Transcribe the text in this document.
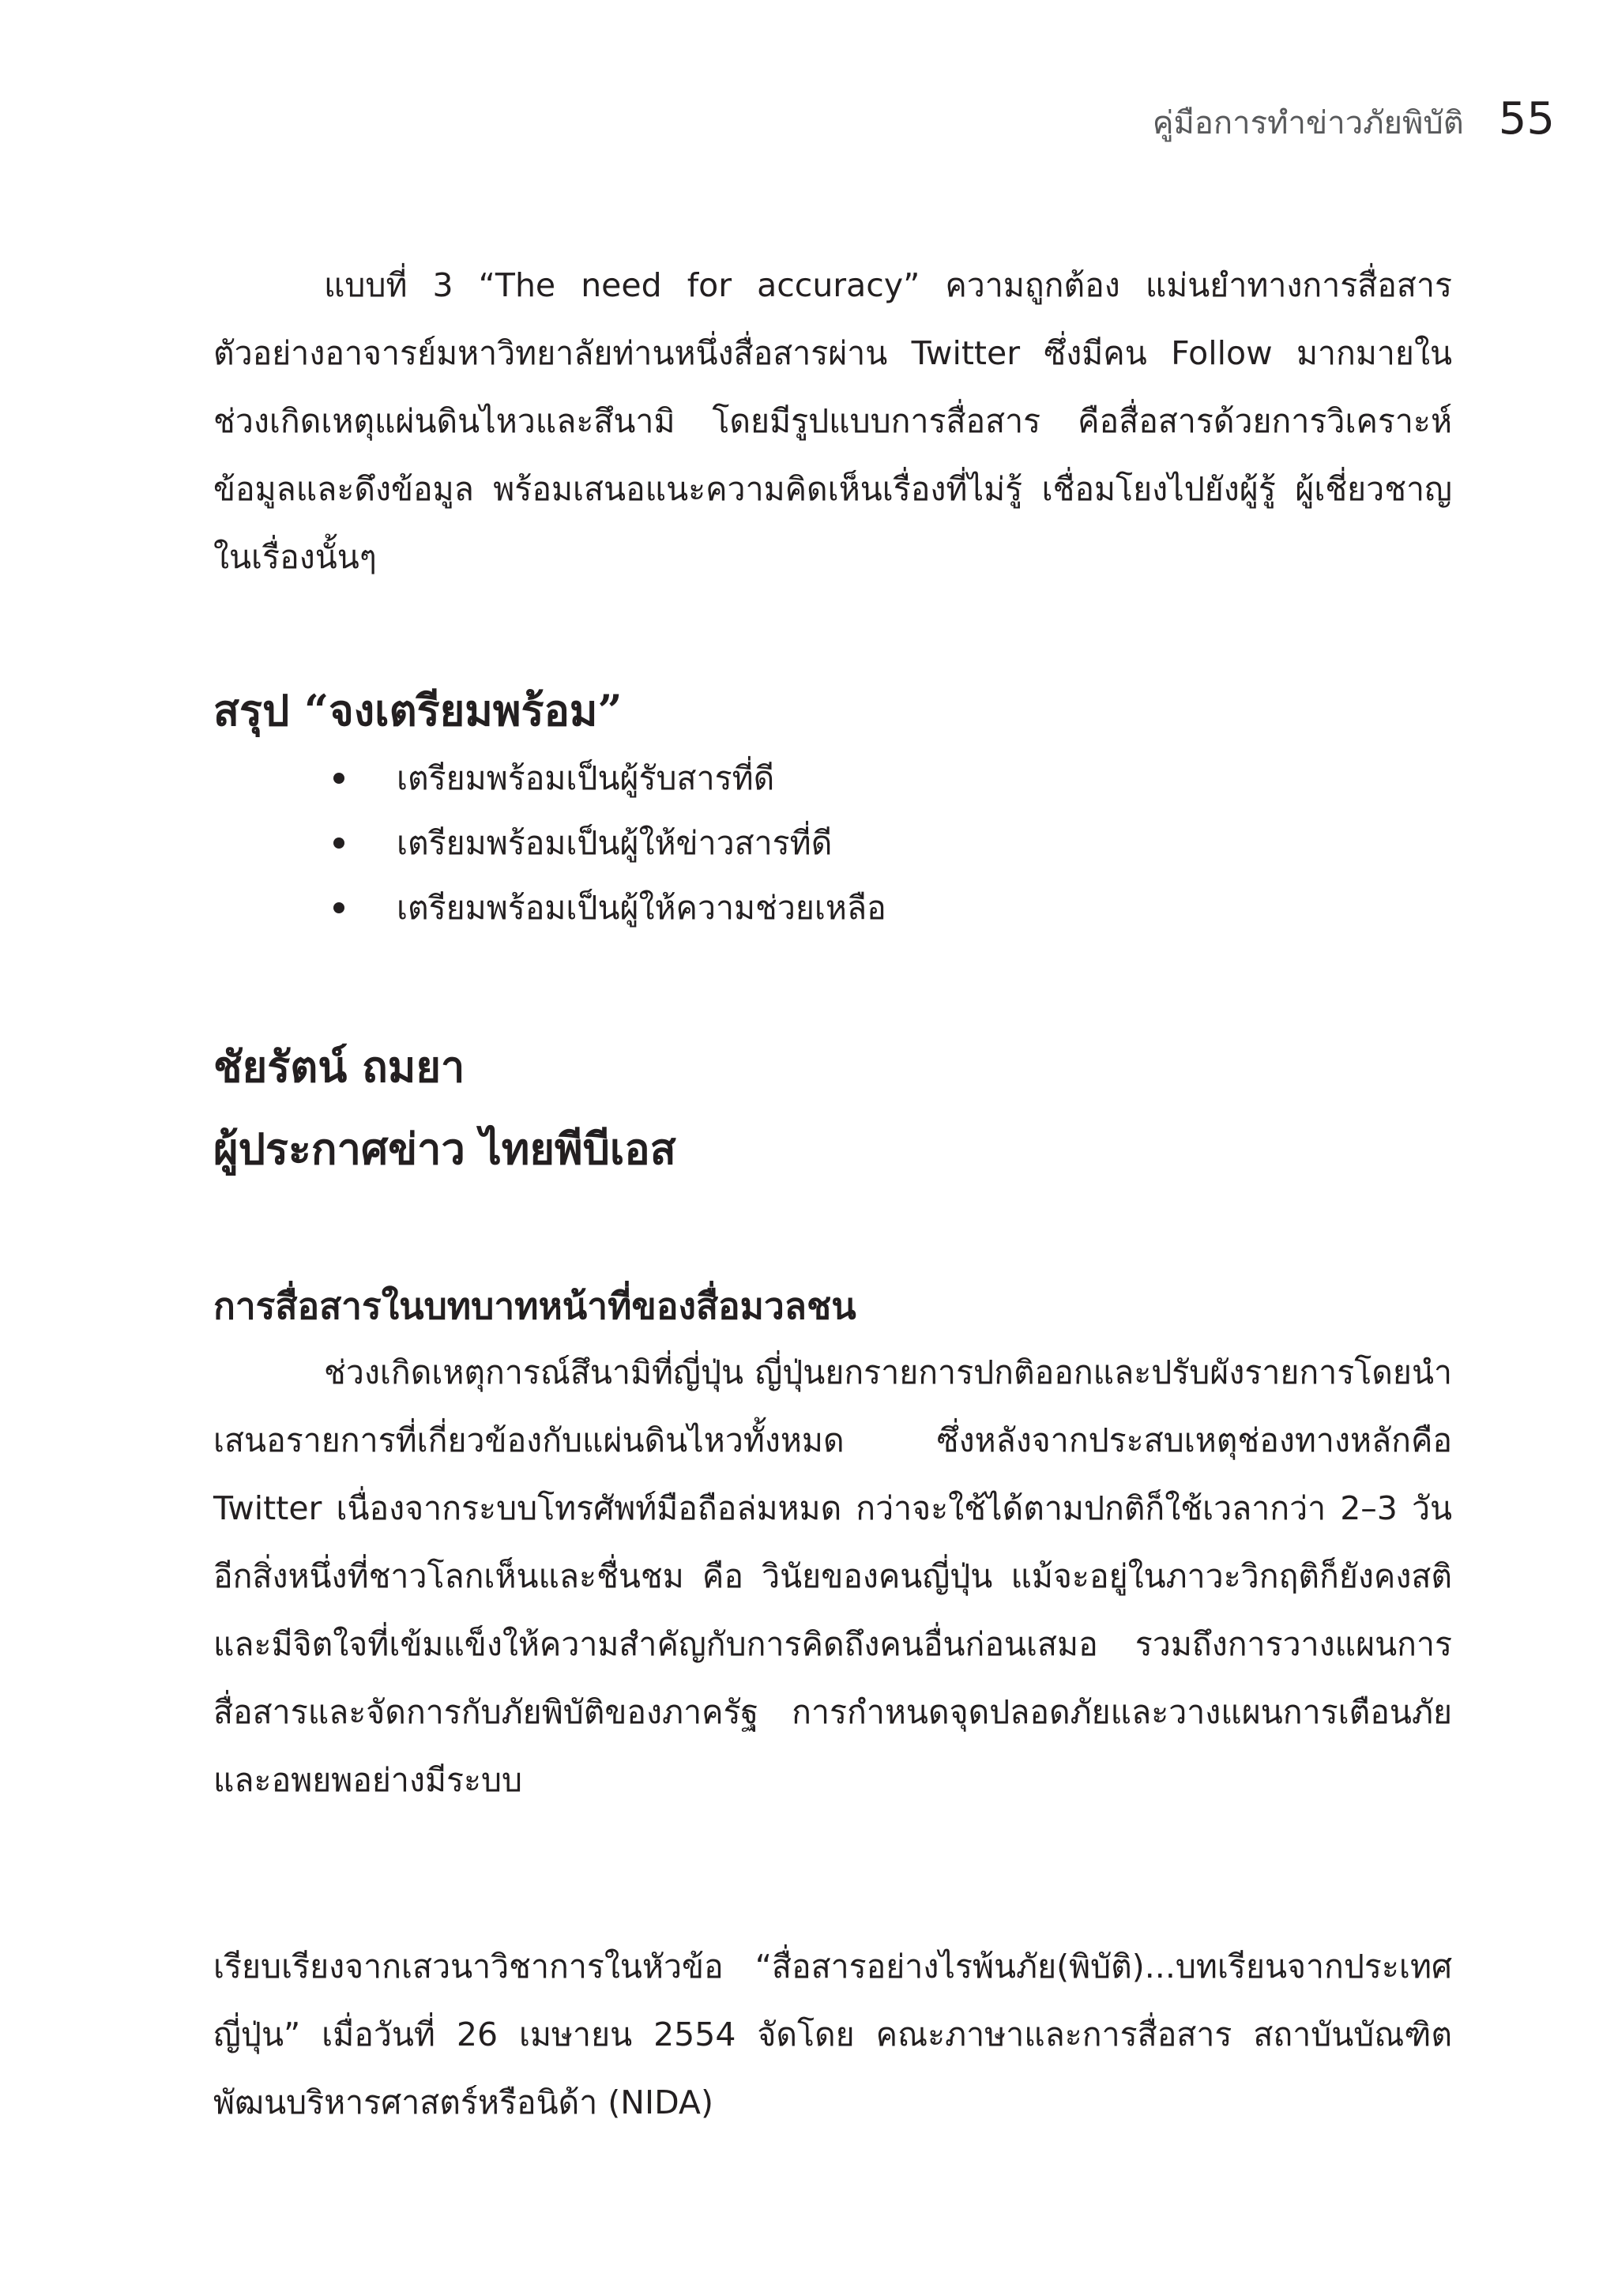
คู่มือการทำข่าวภัยพิบัติ 55

แบบที่ 3 “The need for accuracy” ความถูกต้อง แม่นยำทางการสื่อสาร ตัวอย่างอาจารย์มหาวิทยาลัยท่านหนึ่งสื่อสารผ่าน Twitter ซึ่งมีคน Follow มากมายในช่วงเกิดเหตุแผ่นดินไหวและสึนามิ โดยมีรูปแบบการสื่อสาร คือสื่อสารด้วยการวิเคราะห์ข้อมูลและดึงข้อมูล พร้อมเสนอแนะความคิดเห็นเรื่องที่ไม่รู้ เชื่อมโยงไปยังผู้รู้ ผู้เชี่ยวชาญในเรื่องนั้นๆ

สรุป “จงเตรียมพร้อม”
เตรียมพร้อมเป็นผู้รับสารที่ดี
เตรียมพร้อมเป็นผู้ให้ข่าวสารที่ดี
เตรียมพร้อมเป็นผู้ให้ความช่วยเหลือ
ชัยรัตน์ ถมยา
ผู้ประกาศข่าว ไทยพีบีเอส
การสื่อสารในบทบาทหน้าที่ของสื่อมวลชน

ช่วงเกิดเหตุการณ์สึนามิที่ญี่ปุ่น ญี่ปุ่นยกรายการปกติออกและปรับผังรายการโดยนำเสนอรายการที่เกี่ยวข้องกับแผ่นดินไหวทั้งหมด ซึ่งหลังจากประสบเหตุช่องทางหลักคือ Twitter เนื่องจากระบบโทรศัพท์มือถือล่มหมด กว่าจะใช้ได้ตามปกติก็ใช้เวลากว่า 2–3 วัน อีกสิ่งหนึ่งที่ชาวโลกเห็นและชื่นชม คือ วินัยของคนญี่ปุ่น แม้จะอยู่ในภาวะวิกฤติก็ยังคงสติและมีจิตใจที่เข้มแข็งให้ความสำคัญกับการคิดถึงคนอื่นก่อนเสมอ รวมถึงการวางแผนการสื่อสารและจัดการกับภัยพิบัติของภาครัฐ การกำหนดจุดปลอดภัยและวางแผนการเตือนภัยและอพยพอย่างมีระบบ

เรียบเรียงจากเสวนาวิชาการในหัวข้อ “สื่อสารอย่างไรพ้นภัย(พิบัติ)...บทเรียนจากประเทศญี่ปุ่น” เมื่อวันที่ 26 เมษายน 2554 จัดโดย คณะภาษาและการสื่อสาร สถาบันบัณฑิตพัฒนบริหารศาสตร์หรือนิด้า (NIDA)
